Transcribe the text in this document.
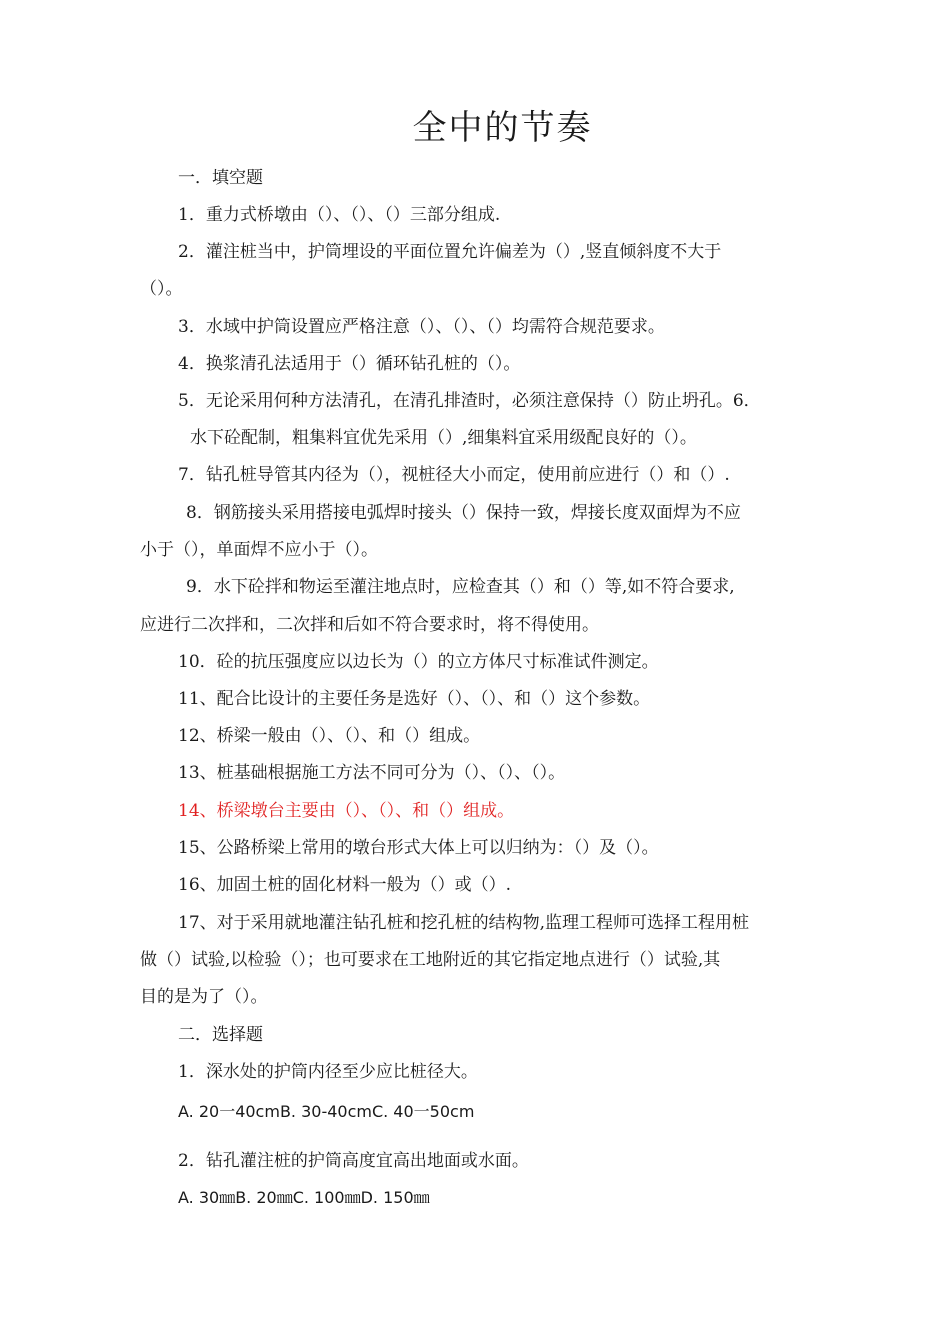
全中的节奏
一．填空题
1．重力式桥墩由（）、（）、（）三部分组成.
2．灌注桩当中，护筒埋设的平面位置允许偏差为（）,竖直倾斜度不大于
（）。
3．水域中护筒设置应严格注意（）、（）、（）均需符合规范要求。
4．换浆清孔法适用于（）循环钻孔桩的（）。
5．无论采用何种方法清孔，在清孔排渣时，必须注意保持（）防止坍孔。6．
水下砼配制，粗集料宜优先采用（）,细集料宜采用级配良好的（）。
7．钻孔桩导管其内径为（），视桩径大小而定，使用前应进行（）和（）.
8．钢筋接头采用搭接电弧焊时接头（）保持一致，焊接长度双面焊为不应
小于（），单面焊不应小于（）。
9．水下砼拌和物运至灌注地点时，应检查其（）和（）等,如不符合要求,
应进行二次拌和，二次拌和后如不符合要求时，将不得使用。
10．砼的抗压强度应以边长为（）的立方体尺寸标准试件测定。
11、配合比设计的主要任务是选好（）、（）、和（）这个参数。
12、桥梁一般由（）、（）、和（）组成。
13、桩基础根据施工方法不同可分为（）、（）、（）。
14、桥梁墩台主要由（）、（）、和（）组成。
15、公路桥梁上常用的墩台形式大体上可以归纳为：（）及（）。
16、加固土桩的固化材料一般为（）或（）.
17、对于采用就地灌注钻孔桩和挖孔桩的结构物,监理工程师可选择工程用桩
做（）试验,以检验（）；也可要求在工地附近的其它指定地点进行（）试验,其
目的是为了（）。
二．选择题
1．深水处的护筒内径至少应比桩径大。
A. 20一40cmB. 30-40cmC. 40一50cm
2．钻孔灌注桩的护筒高度宜高出地面或水面。
A. 30㎜B. 20㎜C. 100㎜D. 150㎜
